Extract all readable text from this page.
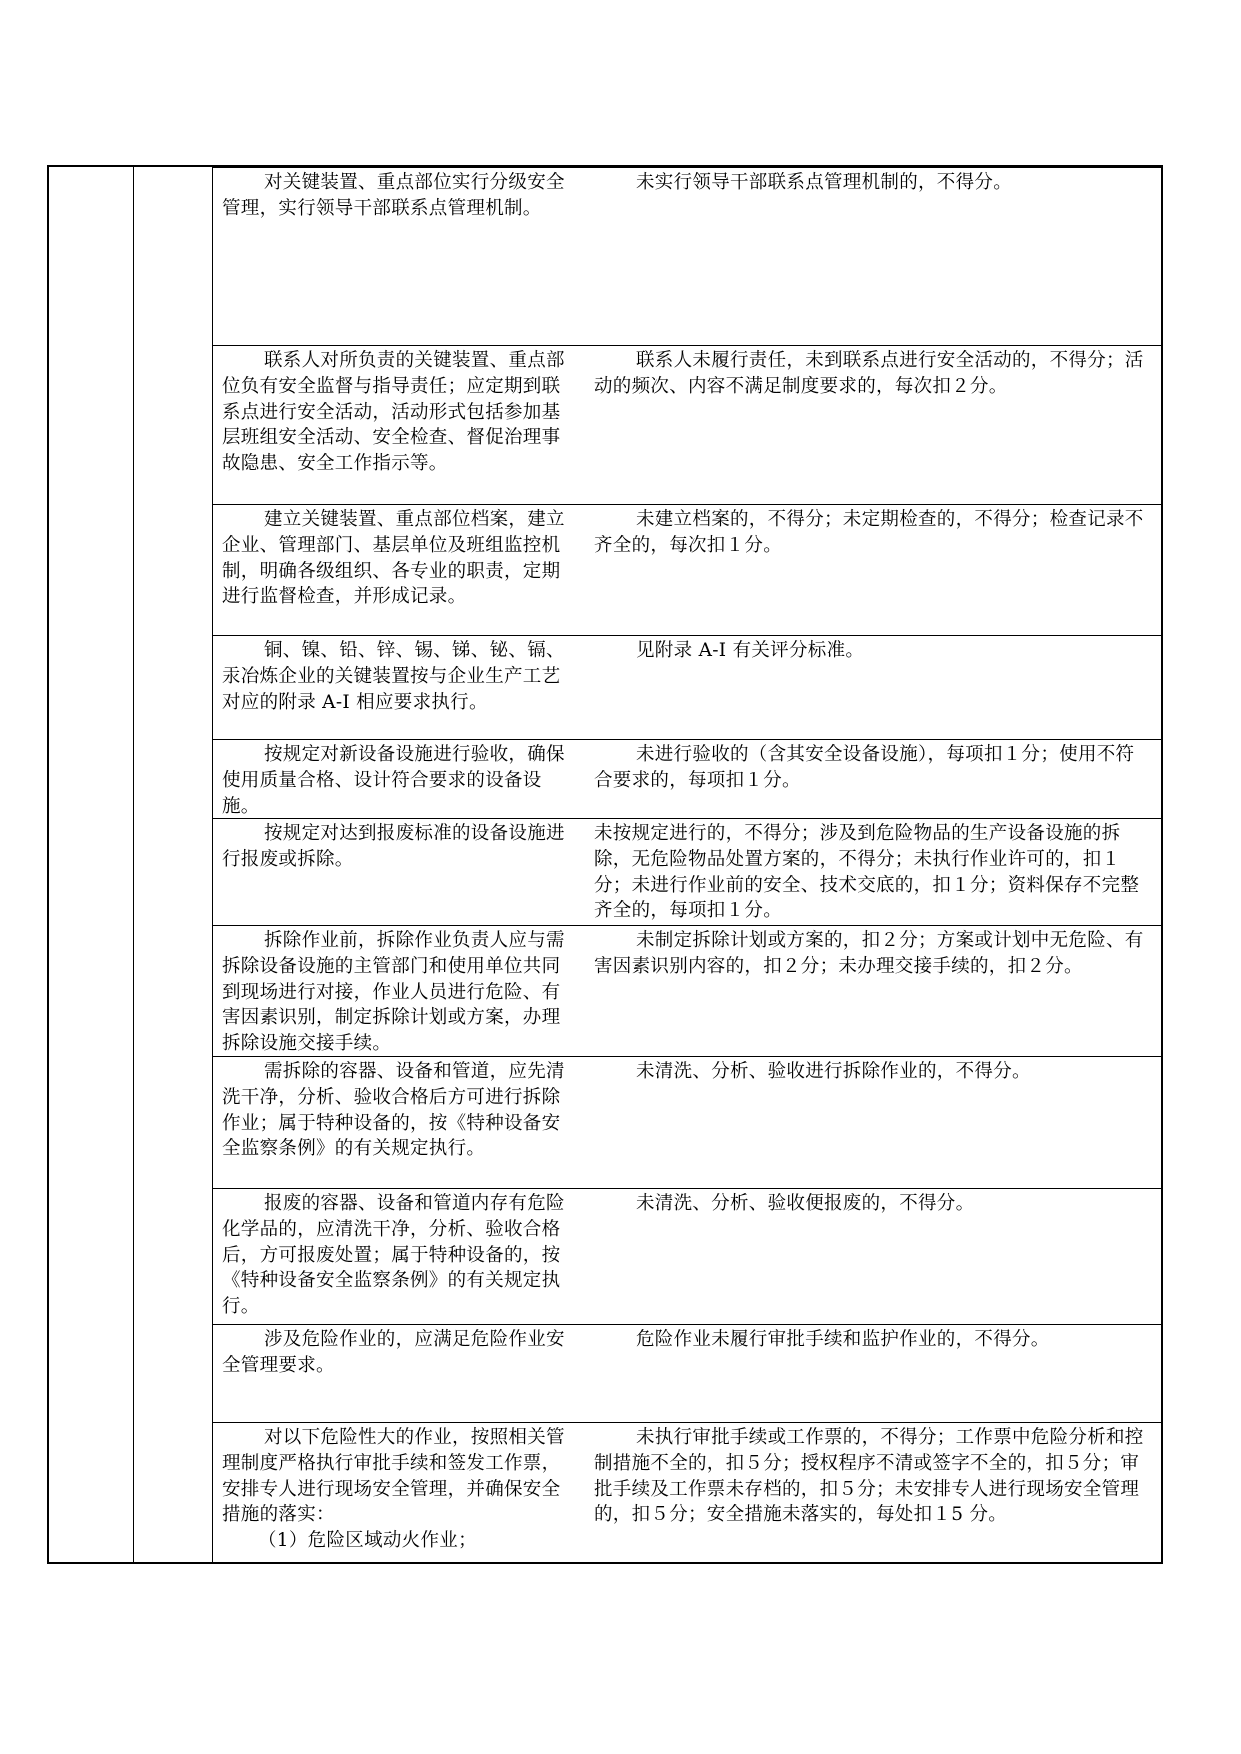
对关键装置、重点部位实行分级安全管理，实行领导干部联系点管理机制。
未实行领导干部联系点管理机制的，不得分。
联系人对所负责的关键装置、重点部位负有安全监督与指导责任；应定期到联系点进行安全活动，活动形式包括参加基层班组安全活动、安全检查、督促治理事故隐患、安全工作指示等。
联系人未履行责任，未到联系点进行安全活动的，不得分；活动的频次、内容不满足制度要求的，每次扣２分。
建立关键装置、重点部位档案，建立企业、管理部门、基层单位及班组监控机制，明确各级组织、各专业的职责，定期进行监督检查，并形成记录。
未建立档案的，不得分；未定期检查的，不得分；检查记录不齐全的，每次扣１分。
铜、镍、铅、锌、锡、锑、铋、镉、汞冶炼企业的关键装置按与企业生产工艺对应的附录 A-I 相应要求执行。
见附录 A-I 有关评分标准。
按规定对新设备设施进行验收，确保使用质量合格、设计符合要求的设备设施。
未进行验收的（含其安全设备设施），每项扣１分；使用不符合要求的，每项扣１分。
按规定对达到报废标准的设备设施进行报废或拆除。
未按规定进行的，不得分；涉及到危险物品的生产设备设施的拆除，无危险物品处置方案的，不得分；未执行作业许可的，扣１分；未进行作业前的安全、技术交底的，扣１分；资料保存不完整齐全的，每项扣１分。
拆除作业前，拆除作业负责人应与需拆除设备设施的主管部门和使用单位共同到现场进行对接，作业人员进行危险、有害因素识别，制定拆除计划或方案，办理拆除设施交接手续。
未制定拆除计划或方案的，扣２分；方案或计划中无危险、有害因素识别内容的，扣２分；未办理交接手续的，扣２分。
需拆除的容器、设备和管道，应先清洗干净，分析、验收合格后方可进行拆除作业；属于特种设备的，按《特种设备安全监察条例》的有关规定执行。
未清洗、分析、验收进行拆除作业的，不得分。
报废的容器、设备和管道内存有危险化学品的，应清洗干净，分析、验收合格后，方可报废处置；属于特种设备的，按《特种设备安全监察条例》的有关规定执行。
未清洗、分析、验收便报废的，不得分。
涉及危险作业的，应满足危险作业安全管理要求。
危险作业未履行审批手续和监护作业的，不得分。
对以下危险性大的作业，按照相关管理制度严格执行审批手续和签发工作票，安排专人进行现场安全管理，并确保安全措施的落实：
（1）危险区域动火作业；
未执行审批手续或工作票的，不得分；工作票中危险分析和控制措施不全的，扣５分；授权程序不清或签字不全的，扣５分；审批手续及工作票未存档的，扣５分；未安排专人进行现场安全管理的，扣５分；安全措施未落实的，每处扣１5 分。
